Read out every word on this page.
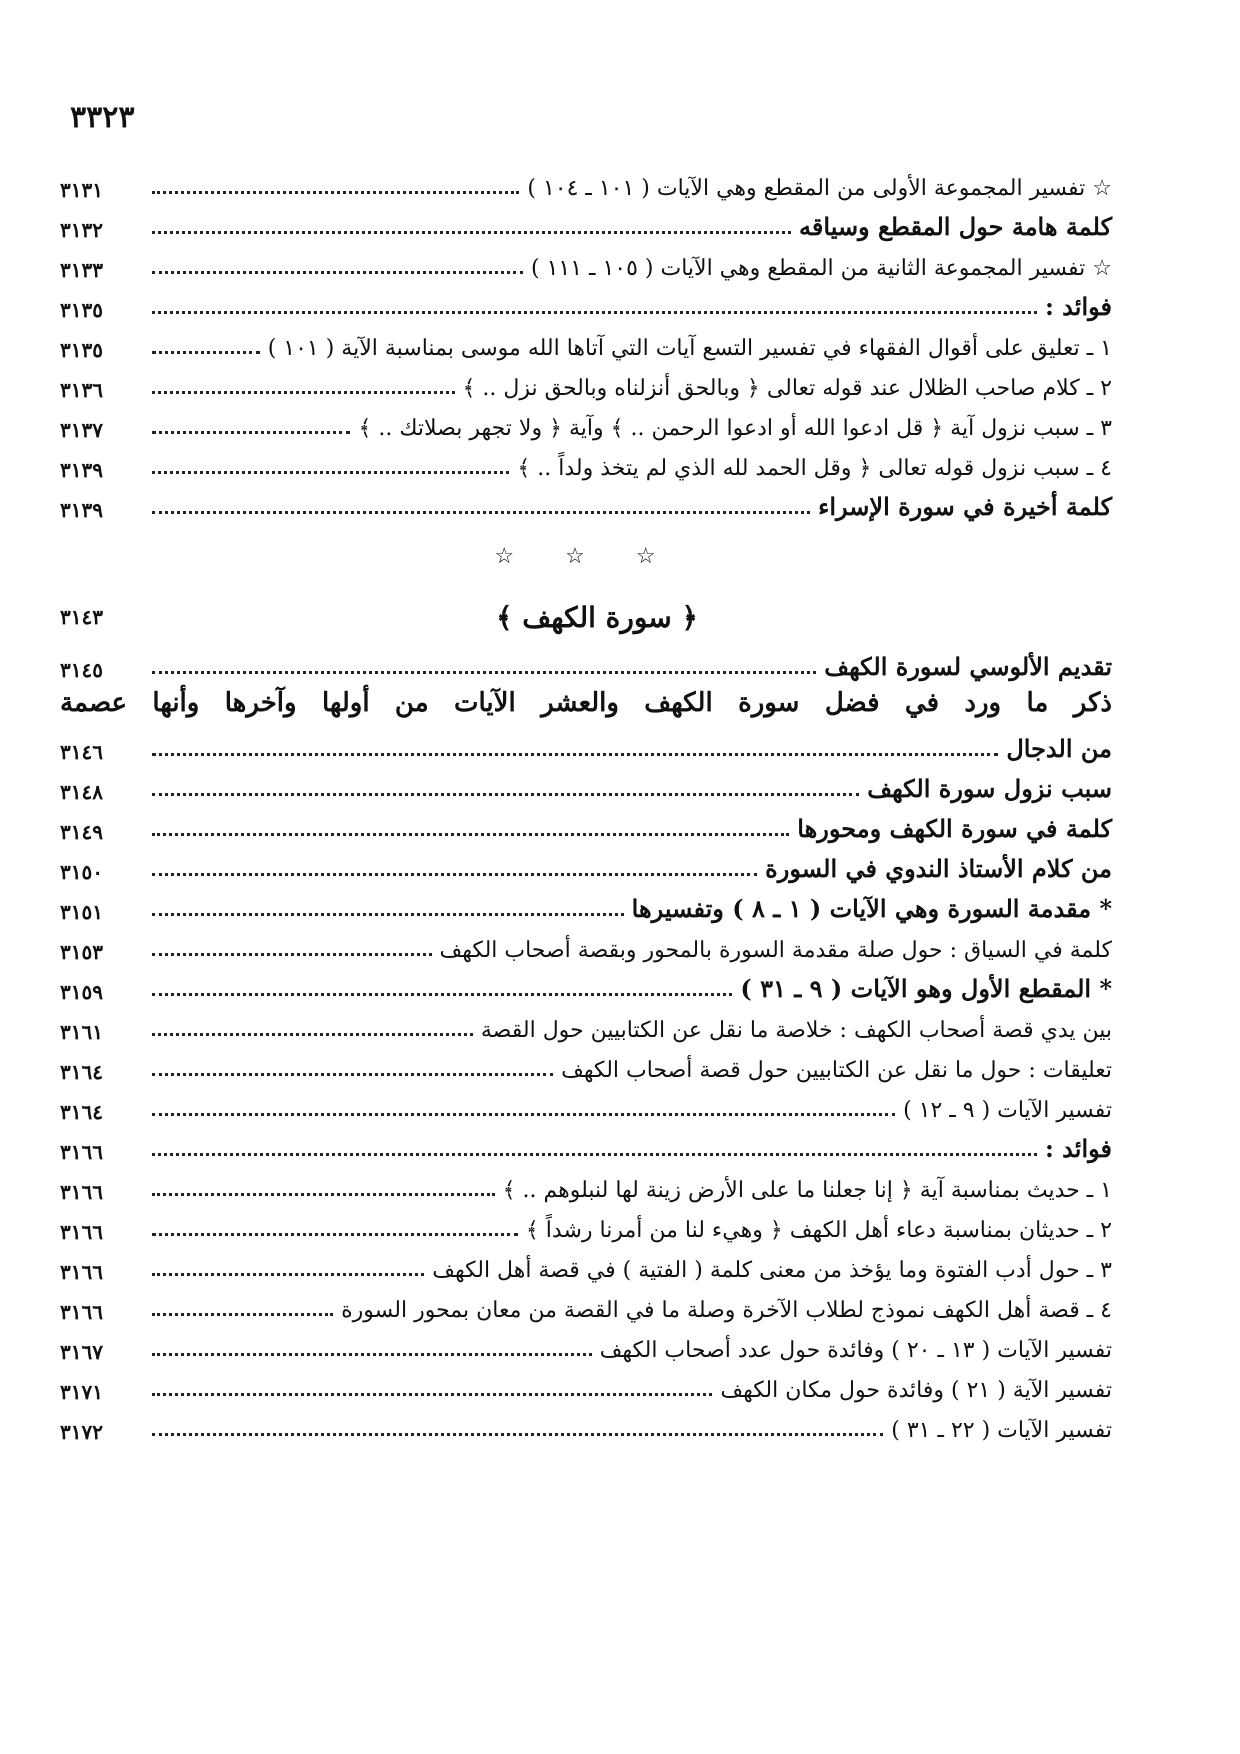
٣٣٢٣
٣١٣١	☆ تفسير المجموعة الأولى من المقطع وهي الآيات ( ١٠١ ـ ١٠٤ )
٣١٣٢	كلمة هامة حول المقطع وسياقه
٣١٣٣	☆ تفسير المجموعة الثانية من المقطع وهي الآيات ( ١٠٥ ـ ١١١ )
٣١٣٥	فوائد :
٣١٣٥	١ ـ تعليق على أقوال الفقهاء في تفسير التسع آيات التي آتاها الله موسى بمناسبة الآية ( ١٠١ )
٣١٣٦	٢ ـ كلام صاحب الظلال عند قوله تعالى ﴿ وبالحق أنزلناه وبالحق نزل .. ﴾
٣١٣٧	٣ ـ سبب نزول آية ﴿ قل ادعوا الله أو ادعوا الرحمن .. ﴾ وآية ﴿ ولا تجهر بصلاتك .. ﴾
٣١٣٩	٤ ـ سبب نزول قوله تعالى ﴿ وقل الحمد لله الذي لم يتخذ ولداً .. ﴾
٣١٣٩	كلمة أخيرة في سورة الإسراء
☆ ☆ ☆
٣١٤٣	﴿ سورة الكهف ﴾
٣١٤٥	تقديم الألوسي لسورة الكهف
ذكر ما ورد في فضل سورة الكهف والعشر الآيات من أولها وآخرها وأنها عصمة
٣١٤٦	من الدجال
٣١٤٨	سبب نزول سورة الكهف
٣١٤٩	كلمة في سورة الكهف ومحورها
٣١٥٠	من كلام الأستاذ الندوي في السورة
٣١٥١	* مقدمة السورة وهي الآيات ( ١ ـ ٨ ) وتفسيرها
٣١٥٣	كلمة في السياق : حول صلة مقدمة السورة بالمحور وبقصة أصحاب الكهف
٣١٥٩	* المقطع الأول وهو الآيات ( ٩ ـ ٣١ )
٣١٦١	بين يدي قصة أصحاب الكهف : خلاصة ما نقل عن الكتابيين حول القصة
٣١٦٤	تعليقات : حول ما نقل عن الكتابيين حول قصة أصحاب الكهف
٣١٦٤	تفسير الآيات ( ٩ ـ ١٢ )
٣١٦٦	فوائد :
٣١٦٦	١ ـ حديث بمناسبة آية ﴿ إنا جعلنا ما على الأرض زينة لها لنبلوهم .. ﴾
٣١٦٦	٢ ـ حديثان بمناسبة دعاء أهل الكهف ﴿ وهيء لنا من أمرنا رشداً ﴾
٣١٦٦	٣ ـ حول أدب الفتوة وما يؤخذ من معنى كلمة ( الفتية ) في قصة أهل الكهف
٣١٦٦	٤ ـ قصة أهل الكهف نموذج لطلاب الآخرة وصلة ما في القصة من معان بمحور السورة
٣١٦٧	تفسير الآيات ( ١٣ ـ ٢٠ ) وفائدة حول عدد أصحاب الكهف
٣١٧١	تفسير الآية ( ٢١ ) وفائدة حول مكان الكهف
٣١٧٢	تفسير الآيات ( ٢٢ ـ ٣١ )
